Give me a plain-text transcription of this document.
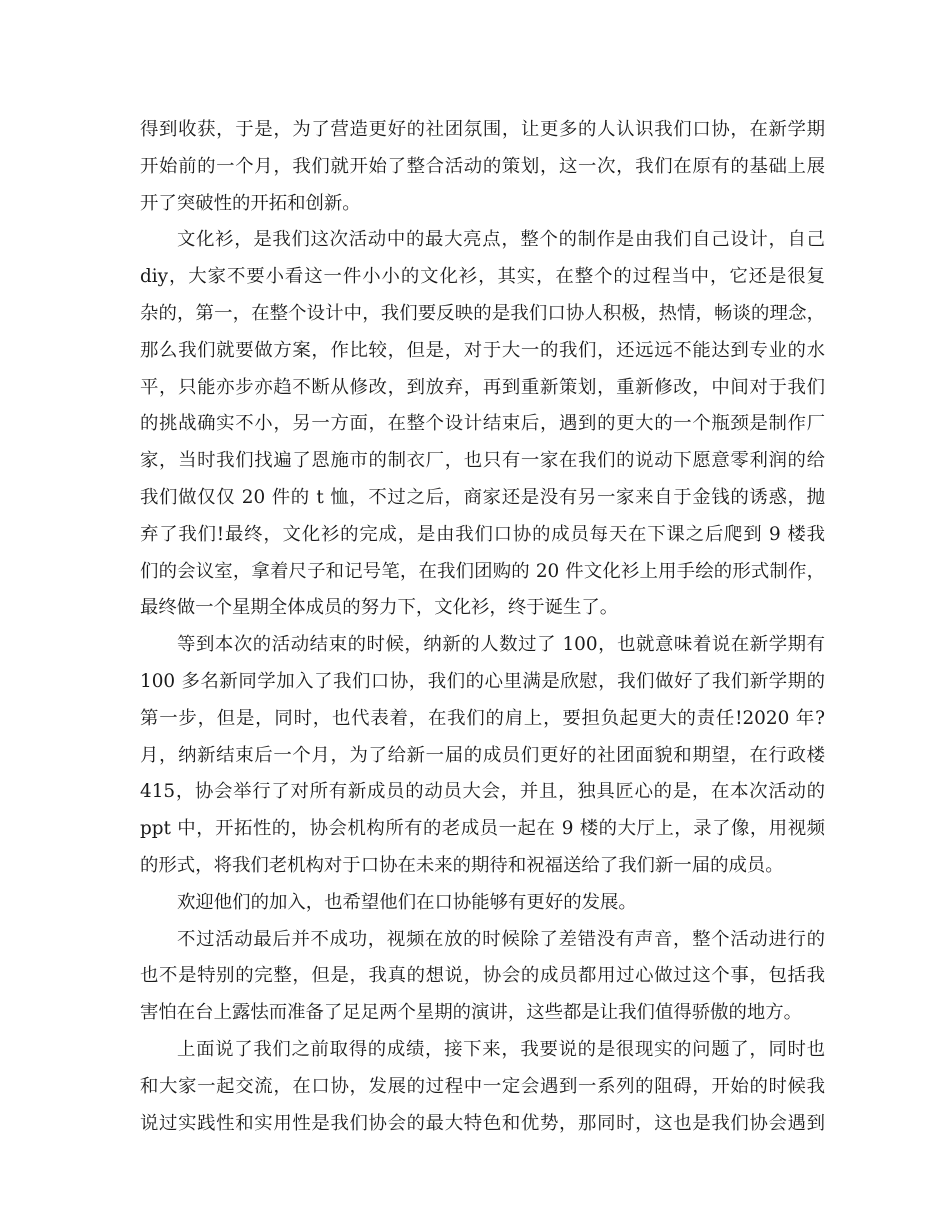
得到收获，于是，为了营造更好的社团氛围，让更多的人认识我们口协，在新学期
开始前的一个月，我们就开始了整合活动的策划，这一次，我们在原有的基础上展
开了突破性的开拓和创新。
文化衫，是我们这次活动中的最大亮点，整个的制作是由我们自己设计，自己
diy，大家不要小看这一件小小的文化衫，其实，在整个的过程当中，它还是很复
杂的，第一，在整个设计中，我们要反映的是我们口协人积极，热情，畅谈的理念，
那么我们就要做方案，作比较，但是，对于大一的我们，还远远不能达到专业的水
平，只能亦步亦趋不断从修改，到放弃，再到重新策划，重新修改，中间对于我们
的挑战确实不小，另一方面，在整个设计结束后，遇到的更大的一个瓶颈是制作厂
家，当时我们找遍了恩施市的制衣厂，也只有一家在我们的说动下愿意零利润的给
我们做仅仅 20 件的 t 恤，不过之后，商家还是没有另一家来自于金钱的诱惑，抛
弃了我们!最终，文化衫的完成，是由我们口协的成员每天在下课之后爬到 9 楼我
们的会议室，拿着尺子和记号笔，在我们团购的 20 件文化衫上用手绘的形式制作，
最终做一个星期全体成员的努力下，文化衫，终于诞生了。
等到本次的活动结束的时候，纳新的人数过了 100，也就意味着说在新学期有
100 多名新同学加入了我们口协，我们的心里满是欣慰，我们做好了我们新学期的
第一步，但是，同时，也代表着，在我们的肩上，要担负起更大的责任!2020 年?
月，纳新结束后一个月，为了给新一届的成员们更好的社团面貌和期望，在行政楼
415，协会举行了对所有新成员的动员大会，并且，独具匠心的是，在本次活动的
ppt 中，开拓性的，协会机构所有的老成员一起在 9 楼的大厅上，录了像，用视频
的形式，将我们老机构对于口协在未来的期待和祝福送给了我们新一届的成员。
欢迎他们的加入，也希望他们在口协能够有更好的发展。
不过活动最后并不成功，视频在放的时候除了差错没有声音，整个活动进行的
也不是特别的完整，但是，我真的想说，协会的成员都用过心做过这个事，包括我
害怕在台上露怯而准备了足足两个星期的演讲，这些都是让我们值得骄傲的地方。
上面说了我们之前取得的成绩，接下来，我要说的是很现实的问题了，同时也
和大家一起交流，在口协，发展的过程中一定会遇到一系列的阻碍，开始的时候我
说过实践性和实用性是我们协会的最大特色和优势，那同时，这也是我们协会遇到
